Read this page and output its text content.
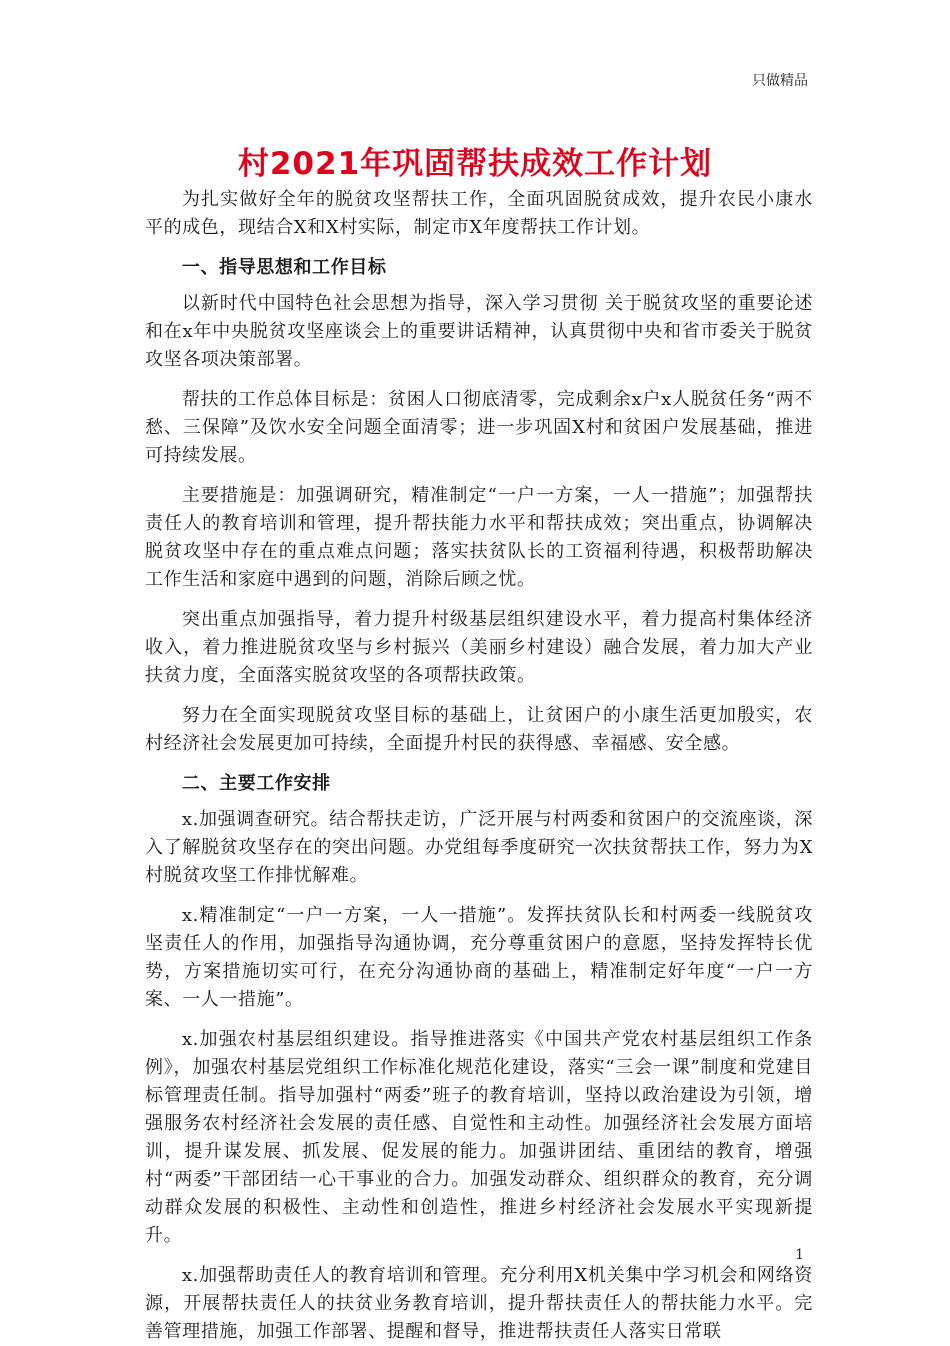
只做精品
村2021年巩固帮扶成效工作计划

为扎实做好全年的脱贫攻坚帮扶工作，全面巩固脱贫成效，提升农民小康水平的成色，现结合X和X村实际，制定市X年度帮扶工作计划。

一、指导思想和工作目标

以新时代中国特色社会思想为指导，深入学习贯彻 关于脱贫攻坚的重要论述和在x年中央脱贫攻坚座谈会上的重要讲话精神，认真贯彻中央和省市委关于脱贫攻坚各项决策部署。

帮扶的工作总体目标是：贫困人口彻底清零，完成剩余x户x人脱贫任务“两不愁、三保障”及饮水安全问题全面清零；进一步巩固X村和贫困户发展基础，推进可持续发展。

主要措施是：加强调研究，精准制定“一户一方案，一人一措施”；加强帮扶责任人的教育培训和管理，提升帮扶能力水平和帮扶成效；突出重点，协调解决脱贫攻坚中存在的重点难点问题；落实扶贫队长的工资福利待遇，积极帮助解决工作生活和家庭中遇到的问题，消除后顾之忧。

突出重点加强指导，着力提升村级基层组织建设水平，着力提高村集体经济收入，着力推进脱贫攻坚与乡村振兴（美丽乡村建设）融合发展，着力加大产业扶贫力度，全面落实脱贫攻坚的各项帮扶政策。

努力在全面实现脱贫攻坚目标的基础上，让贫困户的小康生活更加殷实，农村经济社会发展更加可持续，全面提升村民的获得感、幸福感、安全感。

二、主要工作安排

x.加强调查研究。结合帮扶走访，广泛开展与村两委和贫困户的交流座谈，深入了解脱贫攻坚存在的突出问题。办党组每季度研究一次扶贫帮扶工作，努力为X村脱贫攻坚工作排忧解难。

x.精准制定“一户一方案，一人一措施”。发挥扶贫队长和村两委一线脱贫攻坚责任人的作用，加强指导沟通协调，充分尊重贫困户的意愿，坚持发挥特长优势，方案措施切实可行，在充分沟通协商的基础上，精准制定好年度“一户一方案、一人一措施”。

x.加强农村基层组织建设。指导推进落实《中国共产党农村基层组织工作条例》，加强农村基层党组织工作标准化规范化建设，落实“三会一课”制度和党建目标管理责任制。指导加强村“两委”班子的教育培训，坚持以政治建设为引领，增强服务农村经济社会发展的责任感、自觉性和主动性。加强经济社会发展方面培训，提升谋发展、抓发展、促发展的能力。加强讲团结、重团结的教育，增强村“两委”干部团结一心干事业的合力。加强发动群众、组织群众的教育，充分调动群众发展的积极性、主动性和创造性，推进乡村经济社会发展水平实现新提升。

x.加强帮助责任人的教育培训和管理。充分利用X机关集中学习机会和网络资源，开展帮扶责任人的扶贫业务教育培训，提升帮扶责任人的帮扶能力水平。完善管理措施，加强工作部署、提醒和督导，推进帮扶责任人落实日常联

1
